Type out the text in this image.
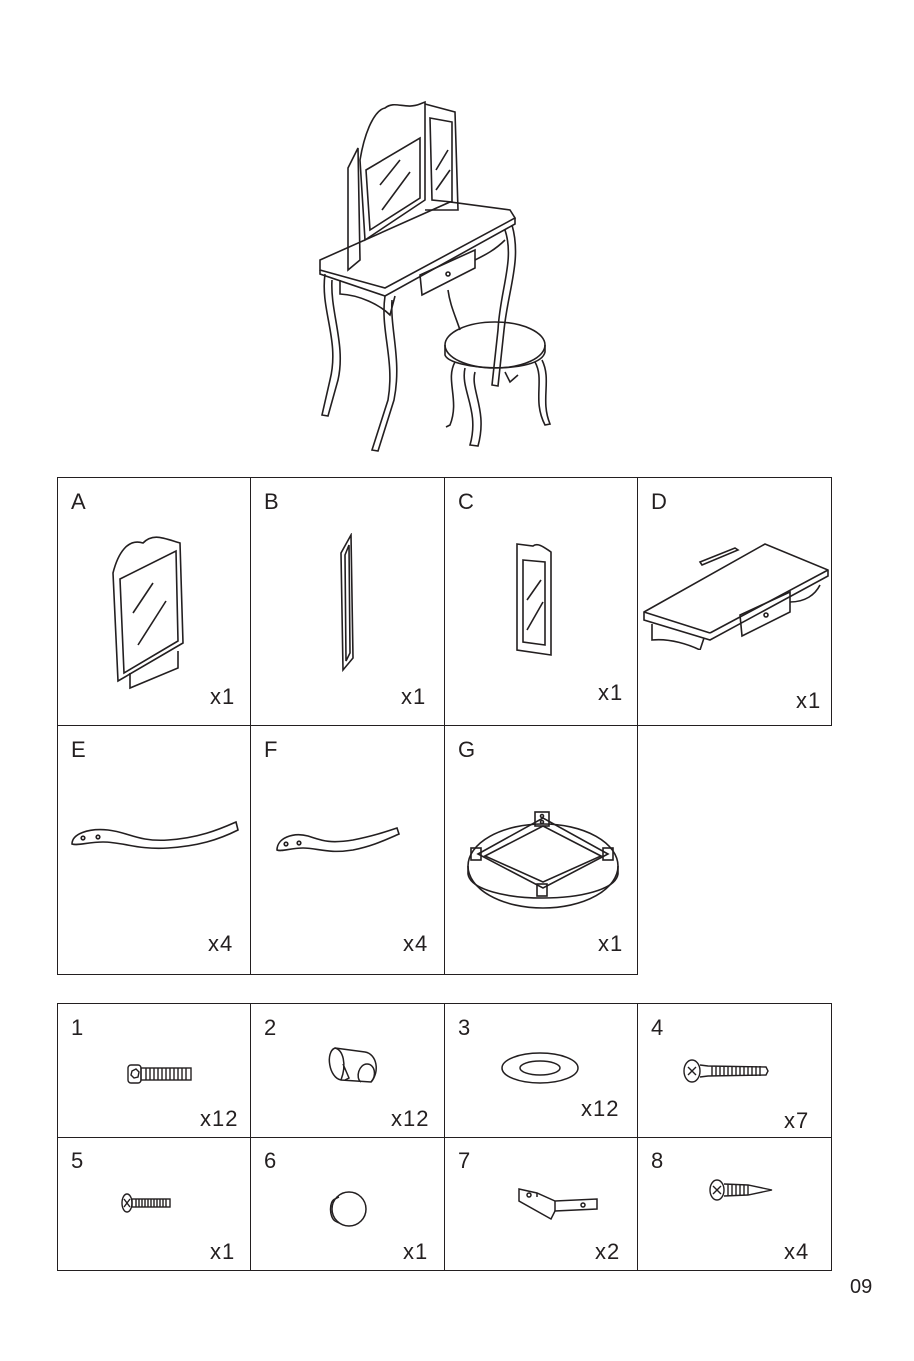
A
x1
B
x1
C
x1
D
x1
E
x4
F
x4
G
x1
1
x12
2
x12
3
x12
4
x7
5
x1
6
x1
7
x2
8
x4
09
